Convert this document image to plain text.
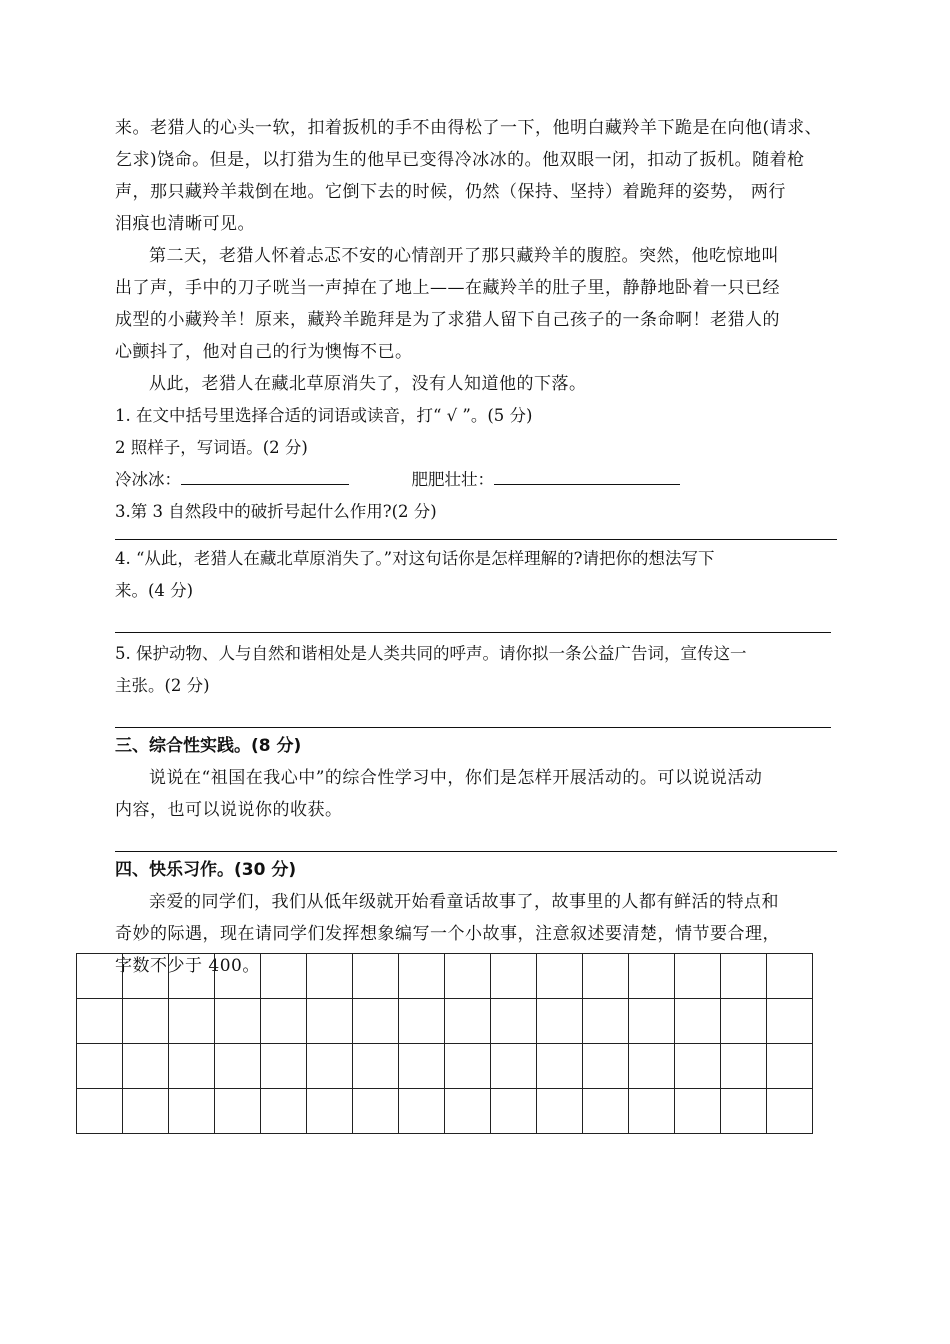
来。老猎人的心头一软，扣着扳机的手不由得松了一下，他明白藏羚羊下跪是在向他(请求、

乞求)饶命。但是，以打猎为生的他早已变得冷冰冰的。他双眼一闭，扣动了扳机。随着枪

声，那只藏羚羊栽倒在地。它倒下去的时候，仍然（保持、坚持）着跪拜的姿势， 两行

泪痕也清晰可见。

第二天，老猎人怀着忐忑不安的心情剖开了那只藏羚羊的腹腔。突然，他吃惊地叫

出了声，手中的刀子咣当一声掉在了地上——在藏羚羊的肚子里，静静地卧着一只已经

成型的小藏羚羊！原来，藏羚羊跪拜是为了求猎人留下自己孩子的一条命啊！老猎人的

心颤抖了，他对自己的行为懊悔不已。

从此，老猎人在藏北草原消失了，没有人知道他的下落。

1. 在文中括号里选择合适的词语或读音，打“ √ ”。(5 分)

2 照样子，写词语。(2 分)

冷冰冰：	肥肥壮壮：

3.第 3 自然段中的破折号起什么作用?(2 分)

4. “从此，老猎人在藏北草原消失了。”对这句话你是怎样理解的?请把你的想法写下

来。(4 分)

5. 保护动物、人与自然和谐相处是人类共同的呼声。请你拟一条公益广告词，宣传这一

主张。(2 分)

三、综合性实践。(8 分)

说说在“祖国在我心中”的综合性学习中，你们是怎样开展活动的。可以说说活动

内容，也可以说说你的收获。

四、快乐习作。(30 分)

亲爱的同学们，我们从低年级就开始看童话故事了，故事里的人都有鲜活的特点和

奇妙的际遇，现在请同学们发挥想象编写一个小故事，注意叙述要清楚，情节要合理，

字数不少于 400。
